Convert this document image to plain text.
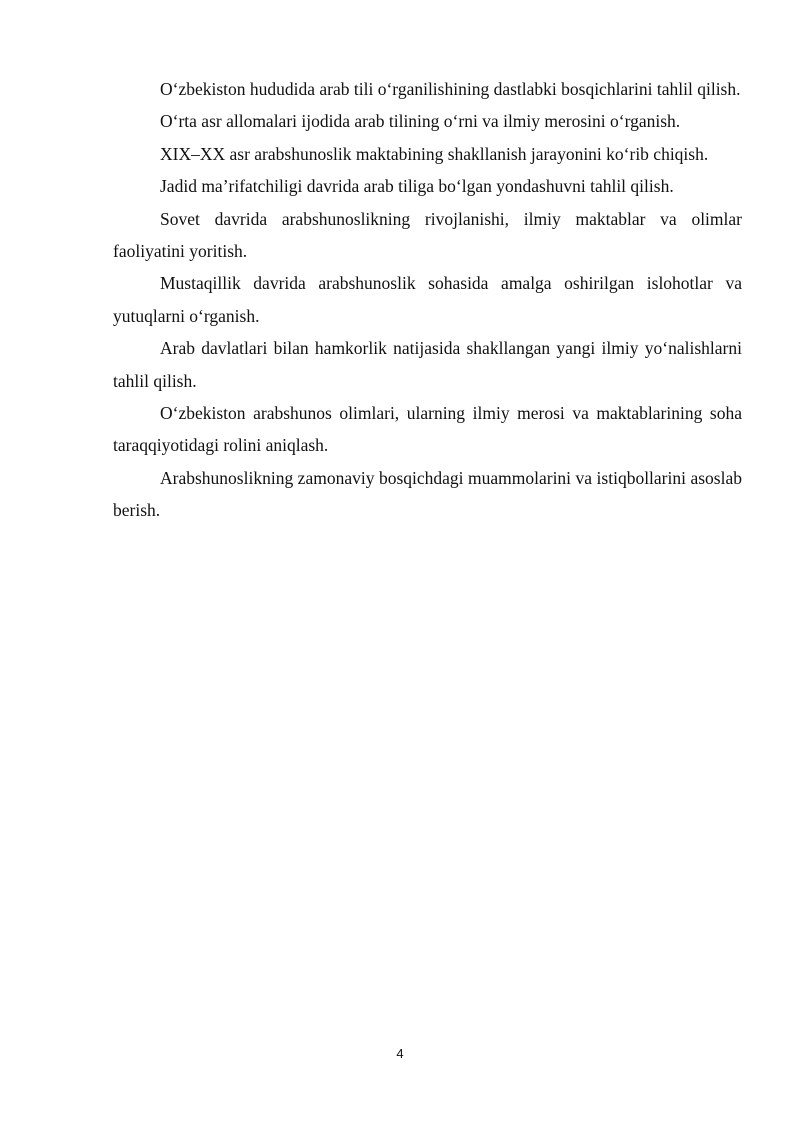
O‘zbekiston hududida arab tili o‘rganilishining dastlabki bosqichlarini tahlil qilish.

O‘rta asr allomalari ijodida arab tilining o‘rni va ilmiy merosini o‘rganish.

XIX–XX asr arabshunoslik maktabining shakllanish jarayonini ko‘rib chiqish.

Jadid ma’rifatchiligi davrida arab tiliga bo‘lgan yondashuvni tahlil qilish.

Sovet davrida arabshunoslikning rivojlanishi, ilmiy maktablar va olimlar faoliyatini yoritish.

Mustaqillik davrida arabshunoslik sohasida amalga oshirilgan islohotlar va yutuqlarni o‘rganish.

Arab davlatlari bilan hamkorlik natijasida shakllangan yangi ilmiy yo‘nalishlarni tahlil qilish.

O‘zbekiston arabshunos olimlari, ularning ilmiy merosi va maktablarining soha taraqqiyotidagi rolini aniqlash.

Arabshunoslikning zamonaviy bosqichdagi muammolarini va istiqbollarini asoslab berish.

4
